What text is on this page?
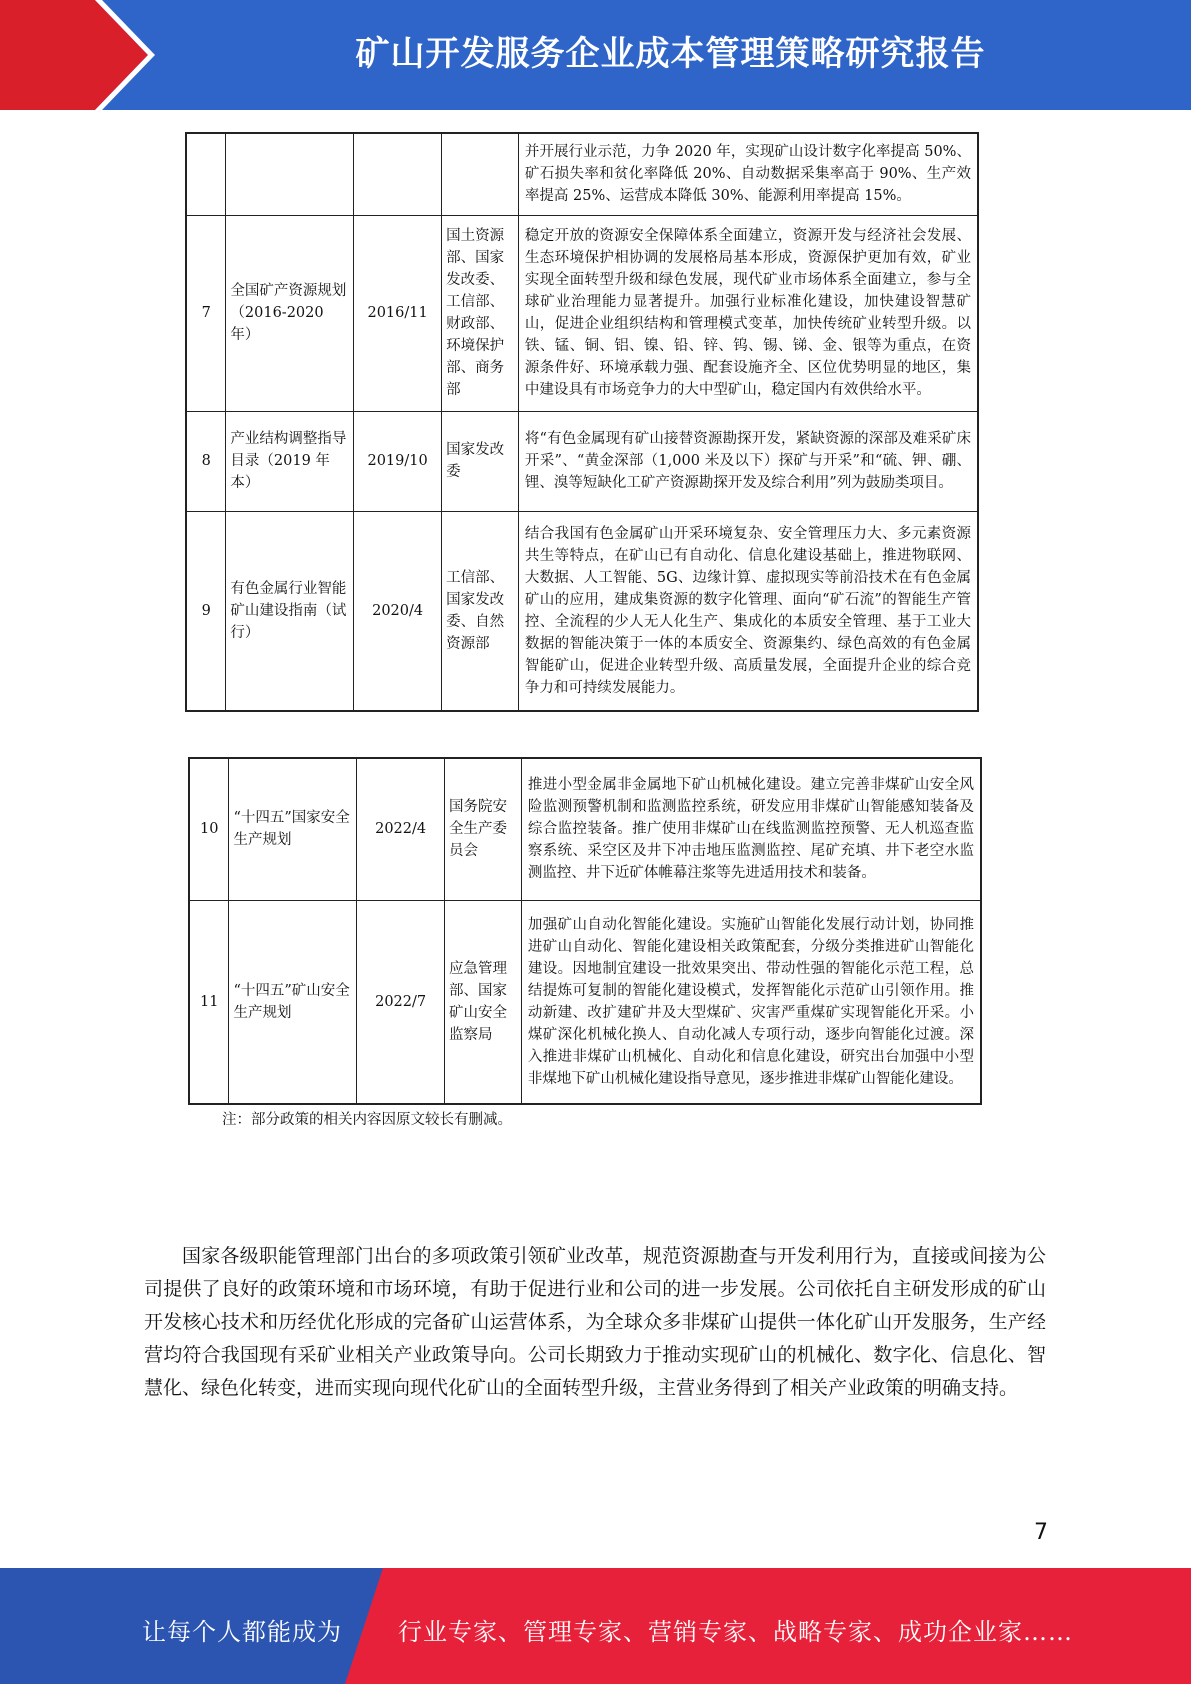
矿山开发服务企业成本管理策略研究报告
				并开展行业示范，力争 2020 年，实现矿山设计数字化率提高 50%、矿石损失率和贫化率降低 20%、自动数据采集率高于 90%、生产效率提高 25%、运营成本降低 30%、能源利用率提高 15%。
7	全国矿产资源规划（2016-2020 年）	2016/11	国土资源部、国家发改委、工信部、财政部、环境保护部、商务部	稳定开放的资源安全保障体系全面建立，资源开发与经济社会发展、生态环境保护相协调的发展格局基本形成，资源保护更加有效，矿业实现全面转型升级和绿色发展，现代矿业市场体系全面建立，参与全球矿业治理能力显著提升。加强行业标准化建设，加快建设智慧矿山，促进企业组织结构和管理模式变革，加快传统矿业转型升级。以铁、锰、铜、铝、镍、铅、锌、钨、锡、锑、金、银等为重点，在资源条件好、环境承载力强、配套设施齐全、区位优势明显的地区，集中建设具有市场竞争力的大中型矿山，稳定国内有效供给水平。
8	产业结构调整指导目录（2019 年本）	2019/10	国家发改委	将“有色金属现有矿山接替资源勘探开发，紧缺资源的深部及难采矿床开采”、“黄金深部（1,000 米及以下）探矿与开采”和“硫、钾、硼、锂、溴等短缺化工矿产资源勘探开发及综合利用”列为鼓励类项目。
9	有色金属行业智能矿山建设指南（试行）	2020/4	工信部、国家发改委、自然资源部	结合我国有色金属矿山开采环境复杂、安全管理压力大、多元素资源共生等特点，在矿山已有自动化、信息化建设基础上，推进物联网、大数据、人工智能、5G、边缘计算、虚拟现实等前沿技术在有色金属矿山的应用，建成集资源的数字化管理、面向“矿石流”的智能生产管控、全流程的少人无人化生产、集成化的本质安全管理、基于工业大数据的智能决策于一体的本质安全、资源集约、绿色高效的有色金属智能矿山，促进企业转型升级、高质量发展，全面提升企业的综合竞争力和可持续发展能力。
10	“十四五”国家安全生产规划	2022/4	国务院安全生产委员会	推进小型金属非金属地下矿山机械化建设。建立完善非煤矿山安全风险监测预警机制和监测监控系统，研发应用非煤矿山智能感知装备及综合监控装备。推广使用非煤矿山在线监测监控预警、无人机巡查监察系统、采空区及井下冲击地压监测监控、尾矿充填、井下老空水监测监控、井下近矿体帷幕注浆等先进适用技术和装备。
11	“十四五”矿山安全生产规划	2022/7	应急管理部、国家矿山安全监察局	加强矿山自动化智能化建设。实施矿山智能化发展行动计划，协同推进矿山自动化、智能化建设相关政策配套，分级分类推进矿山智能化建设。因地制宜建设一批效果突出、带动性强的智能化示范工程，总结提炼可复制的智能化建设模式，发挥智能化示范矿山引领作用。推动新建、改扩建矿井及大型煤矿、灾害严重煤矿实现智能化开采。小煤矿深化机械化换人、自动化减人专项行动，逐步向智能化过渡。深入推进非煤矿山机械化、自动化和信息化建设，研究出台加强中小型非煤地下矿山机械化建设指导意见，逐步推进非煤矿山智能化建设。
注：部分政策的相关内容因原文较长有删减。

国家各级职能管理部门出台的多项政策引领矿业改革，规范资源勘查与开发利用行为，直接或间接为公司提供了良好的政策环境和市场环境，有助于促进行业和公司的进一步发展。公司依托自主研发形成的矿山开发核心技术和历经优化形成的完备矿山运营体系，为全球众多非煤矿山提供一体化矿山开发服务，生产经营均符合我国现有采矿业相关产业政策导向。公司长期致力于推动实现矿山的机械化、数字化、信息化、智慧化、绿色化转变，进而实现向现代化矿山的全面转型升级，主营业务得到了相关产业政策的明确支持。

7
让每个人都能成为 行业专家、管理专家、营销专家、战略专家、成功企业家……
